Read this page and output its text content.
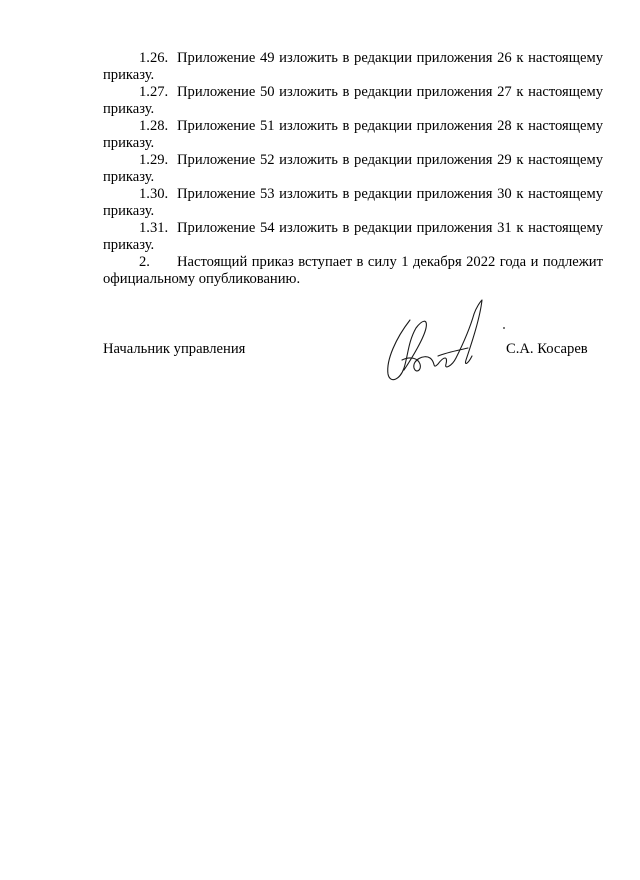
1.26. Приложение 49 изложить в редакции приложения 26 к настоящему
приказу.
1.27. Приложение 50 изложить в редакции приложения 27 к настоящему
приказу.
1.28. Приложение 51 изложить в редакции приложения 28 к настоящему
приказу.
1.29. Приложение 52 изложить в редакции приложения 29 к настоящему
приказу.
1.30. Приложение 53 изложить в редакции приложения 30 к настоящему
приказу.
1.31. Приложение 54 изложить в редакции приложения 31 к настоящему
приказу.
2.	Настоящий приказ вступает в силу 1 декабря 2022 года и подлежит
официальному опубликованию.
Начальник управления	С.А. Косарев
